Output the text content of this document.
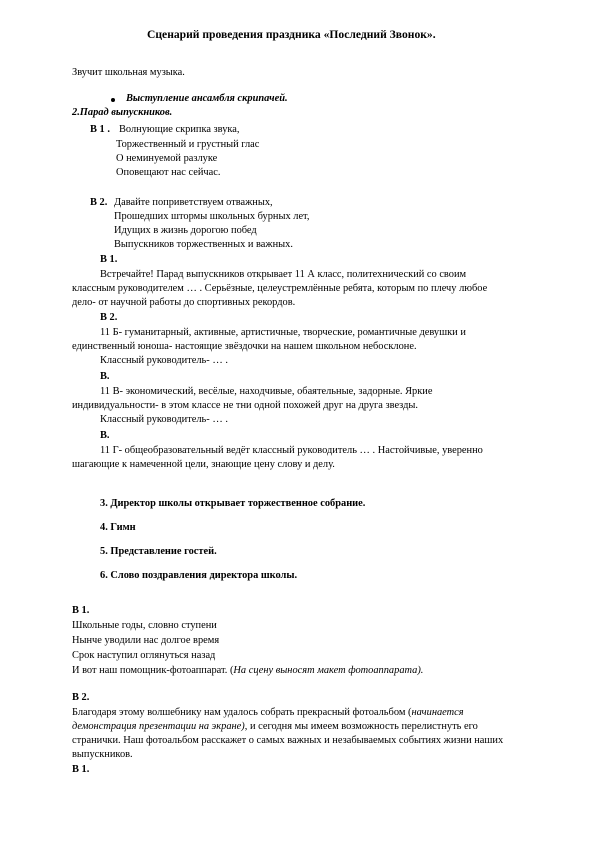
Сценарий проведения праздника «Последний Звонок».
Звучит школьная музыка.
Выступление ансамбля скрипачей.
2.Парад выпускников.
В 1 . Волнующие скрипка звука,
Торжественный и грустный глас
О неминуемой разлуке
Оповещают нас сейчас.
В 2. Давайте поприветствуем отважных,
Прошедших штормы школьных бурных лет,
Идущих в жизнь дорогою побед
Выпускников торжественных и важных.
В 1.
Встречайте! Парад выпускников открывает 11 А класс, политехнический со своим
классным руководителем … . Серьёзные, целеустремлённые ребята, которым по плечу любое
дело- от научной работы до спортивных рекордов.
В 2.
11 Б- гуманитарный, активные, артистичные, творческие, романтичные девушки и
единственный юноша- настоящие звёздочки на нашем школьном небосклоне.
Классный руководитель- … .
В.
11 В- экономический, весёлые, находчивые, обаятельные, задорные. Яркие
индивидуальности- в этом классе не тни одной похожей друг на друга звезды.
Классный руководитель- … .
В.
11 Г- общеобразовательный ведёт классный руководитель … . Настойчивые, уверенно
шагающие к намеченной цели, знающие цену слову и делу.
3. Директор школы открывает торжественное собрание.
4. Гимн
5. Представление гостей.
6. Слово поздравления директора школы.
В 1.
Школьные годы, словно ступени
Нынче уводили нас долгое время
Срок наступил оглянуться назад
И вот наш помощник-фотоаппарат. (На сцену выносят макет фотоаппарата).
В 2.
Благодаря этому волшебнику нам удалось собрать прекрасный фотоальбом (начинается
демонстрация презентации на экране), и сегодня мы имеем возможность перелистнуть его
странички. Наш фотоальбом расскажет о самых важных и незабываемых событиях жизни наших
выпускников.
В 1.
